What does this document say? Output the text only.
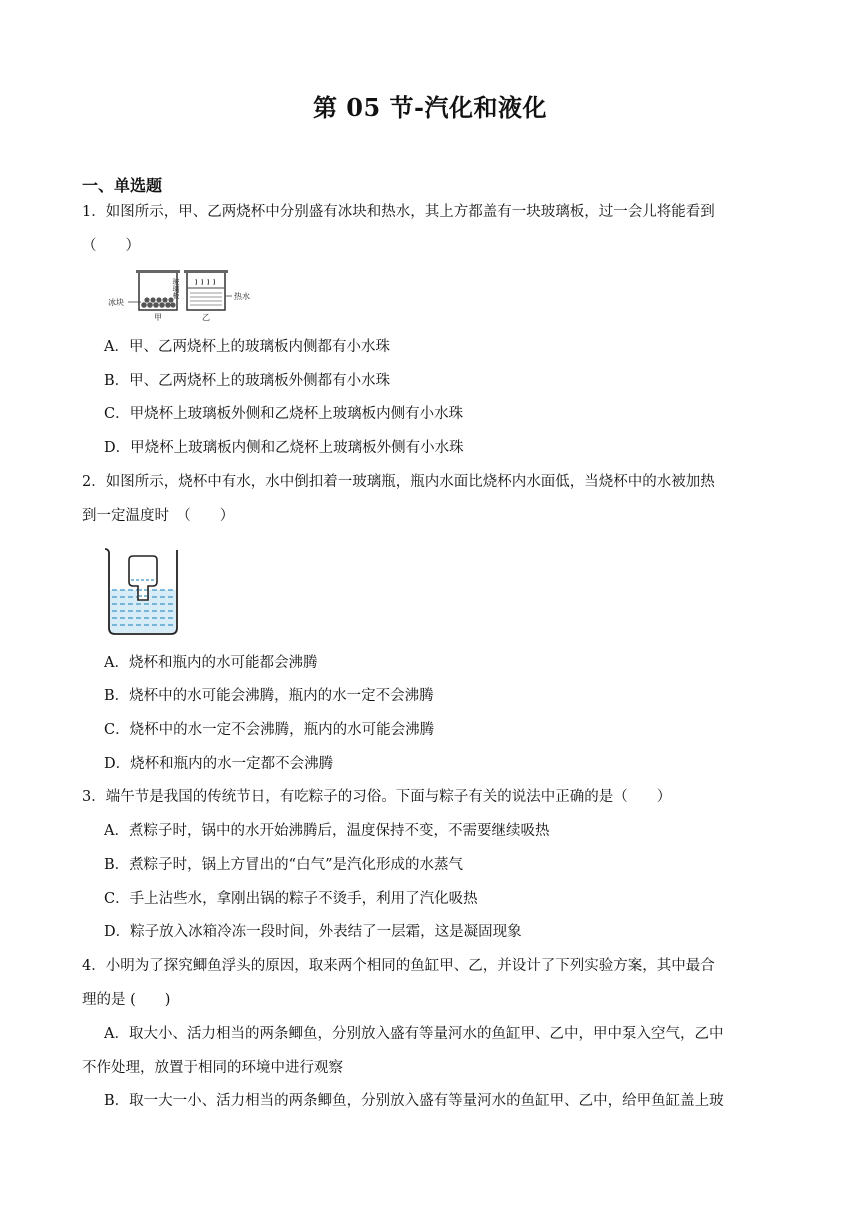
第 05 节-汽化和液化
一、单选题
1．如图所示，甲、乙两烧杯中分别盛有冰块和热水，其上方都盖有一块玻璃板，过一会儿将能看到
（　　）
冰块
玻璃板	热水
甲	乙
A．甲、乙两烧杯上的玻璃板内侧都有小水珠
B．甲、乙两烧杯上的玻璃板外侧都有小水珠
C．甲烧杯上玻璃板外侧和乙烧杯上玻璃板内侧有小水珠
D．甲烧杯上玻璃板内侧和乙烧杯上玻璃板外侧有小水珠
2．如图所示，烧杯中有水，水中倒扣着一玻璃瓶，瓶内水面比烧杯内水面低，当烧杯中的水被加热
到一定温度时　（　　）
A．烧杯和瓶内的水可能都会沸腾
B．烧杯中的水可能会沸腾，瓶内的水一定不会沸腾
C．烧杯中的水一定不会沸腾，瓶内的水可能会沸腾
D．烧杯和瓶内的水一定都不会沸腾
3．端午节是我国的传统节日，有吃粽子的习俗。下面与粽子有关的说法中正确的是（　　）
A．煮粽子时，锅中的水开始沸腾后，温度保持不变，不需要继续吸热
B．煮粽子时，锅上方冒出的“白气”是汽化形成的水蒸气
C．手上沾些水，拿刚出锅的粽子不烫手，利用了汽化吸热
D．粽子放入冰箱冷冻一段时间，外表结了一层霜，这是凝固现象
4．小明为了探究鲫鱼浮头的原因，取来两个相同的鱼缸甲、乙，并设计了下列实验方案，其中最合
理的是 (　　)
A．取大小、活力相当的两条鲫鱼，分别放入盛有等量河水的鱼缸甲、乙中，甲中泵入空气，乙中
不作处理，放置于相同的环境中进行观察
B．取一大一小、活力相当的两条鲫鱼，分别放入盛有等量河水的鱼缸甲、乙中，给甲鱼缸盖上玻
